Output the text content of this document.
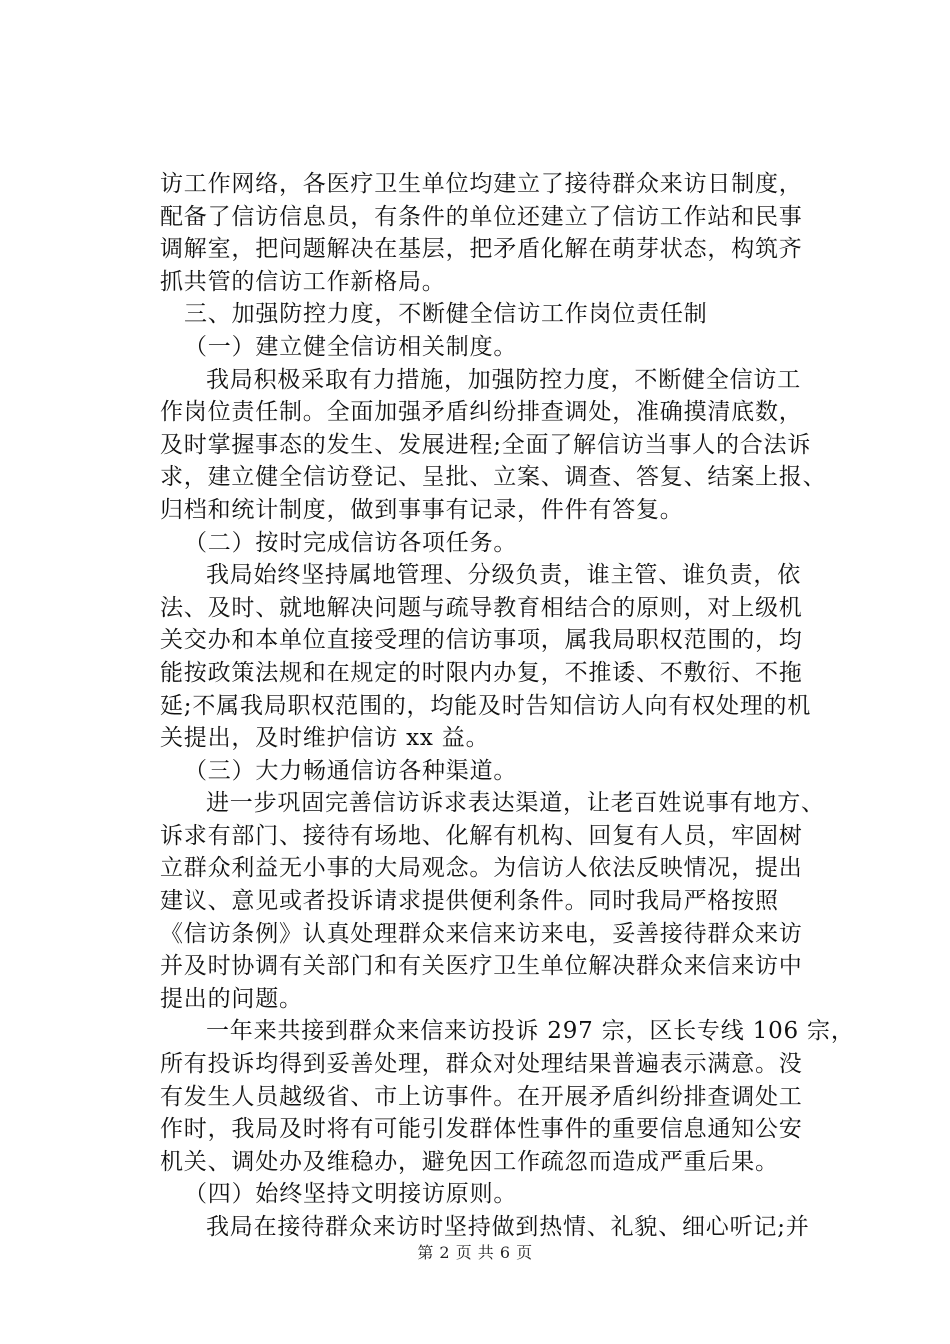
访工作网络，各医疗卫生单位均建立了接待群众来访日制度，
配备了信访信息员，有条件的单位还建立了信访工作站和民事
调解室，把问题解决在基层，把矛盾化解在萌芽状态，构筑齐
抓共管的信访工作新格局。
三、加强防控力度，不断健全信访工作岗位责任制
（一）建立健全信访相关制度。
我局积极采取有力措施，加强防控力度，不断健全信访工
作岗位责任制。全面加强矛盾纠纷排查调处，准确摸清底数，
及时掌握事态的发生、发展进程;全面了解信访当事人的合法诉
求，建立健全信访登记、呈批、立案、调查、答复、结案上报、
归档和统计制度，做到事事有记录，件件有答复。
（二）按时完成信访各项任务。
我局始终坚持属地管理、分级负责，谁主管、谁负责，依
法、及时、就地解决问题与疏导教育相结合的原则，对上级机
关交办和本单位直接受理的信访事项，属我局职权范围的，均
能按政策法规和在规定的时限内办复，不推诿、不敷衍、不拖
延;不属我局职权范围的，均能及时告知信访人向有权处理的机
关提出，及时维护信访 xx 益。
（三）大力畅通信访各种渠道。
进一步巩固完善信访诉求表达渠道，让老百姓说事有地方、
诉求有部门、接待有场地、化解有机构、回复有人员，牢固树
立群众利益无小事的大局观念。为信访人依法反映情况，提出
建议、意见或者投诉请求提供便利条件。同时我局严格按照
《信访条例》认真处理群众来信来访来电，妥善接待群众来访
并及时协调有关部门和有关医疗卫生单位解决群众来信来访中
提出的问题。
一年来共接到群众来信来访投诉 297 宗，区长专线 106 宗，
所有投诉均得到妥善处理，群众对处理结果普遍表示满意。没
有发生人员越级省、市上访事件。在开展矛盾纠纷排查调处工
作时，我局及时将有可能引发群体性事件的重要信息通知公安
机关、调处办及维稳办，避免因工作疏忽而造成严重后果。
（四）始终坚持文明接访原则。
我局在接待群众来访时坚持做到热情、礼貌、细心听记;并
第 2 页 共 6 页
